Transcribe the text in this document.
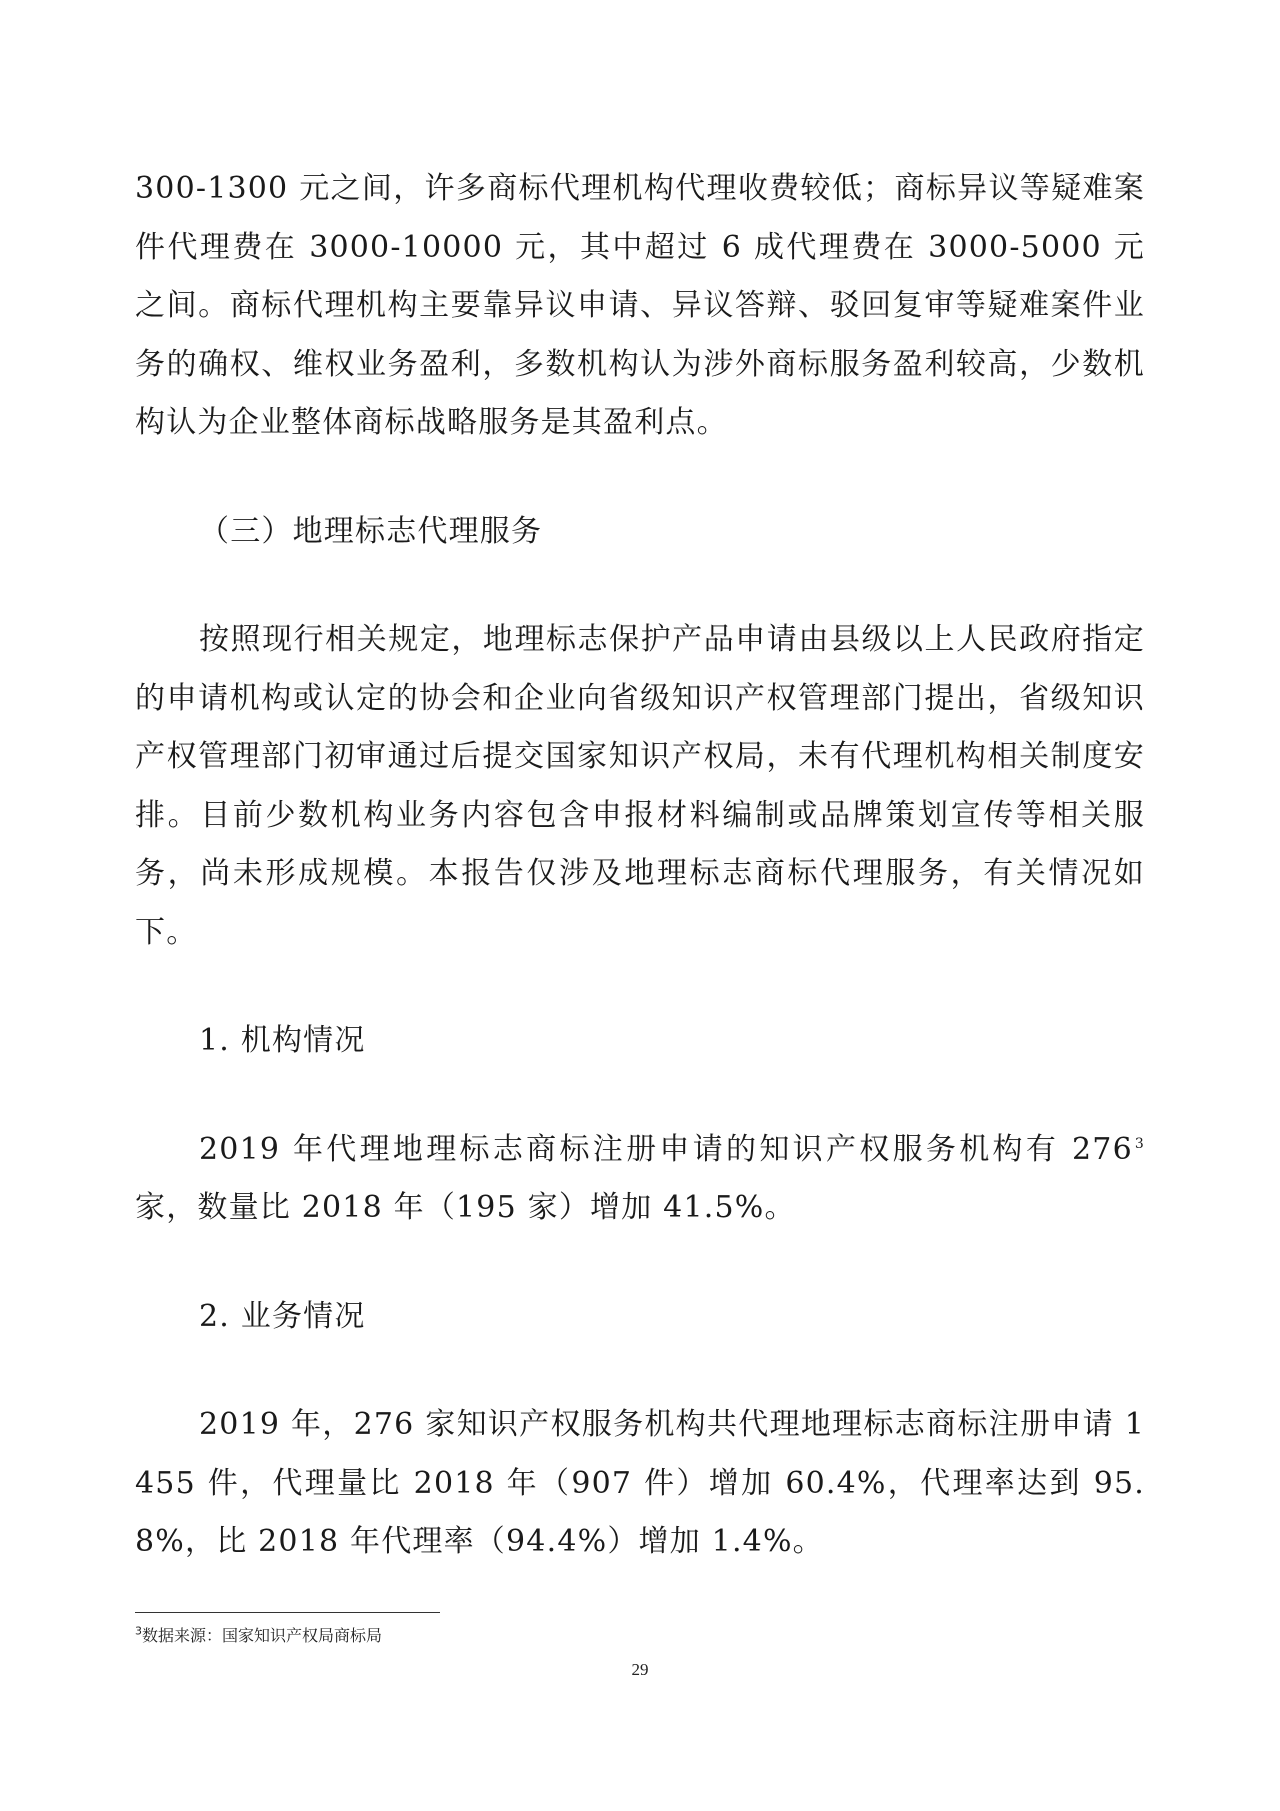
300-1300 元之间，许多商标代理机构代理收费较低；商标异议等疑难案件代理费在 3000-10000 元，其中超过 6 成代理费在 3000-5000 元之间。商标代理机构主要靠异议申请、异议答辩、驳回复审等疑难案件业务的确权、维权业务盈利，多数机构认为涉外商标服务盈利较高，少数机构认为企业整体商标战略服务是其盈利点。

（三）地理标志代理服务

按照现行相关规定，地理标志保护产品申请由县级以上人民政府指定的申请机构或认定的协会和企业向省级知识产权管理部门提出，省级知识产权管理部门初审通过后提交国家知识产权局，未有代理机构相关制度安排。目前少数机构业务内容包含申报材料编制或品牌策划宣传等相关服务，尚未形成规模。本报告仅涉及地理标志商标代理服务，有关情况如下。

1. 机构情况

2019 年代理地理标志商标注册申请的知识产权服务机构有 276 $^3$家，数量比 2018 年（195 家）增加 41.5%。

2. 业务情况

2019 年，276 家知识产权服务机构共代理地理标志商标注册申请 1455 件，代理量比 2018 年（907 件）增加 60.4%，代理率达到 95.8%，比 2018 年代理率（94.4%）增加 1.4%。

$^3$数据来源：国家知识产权局商标局
29
